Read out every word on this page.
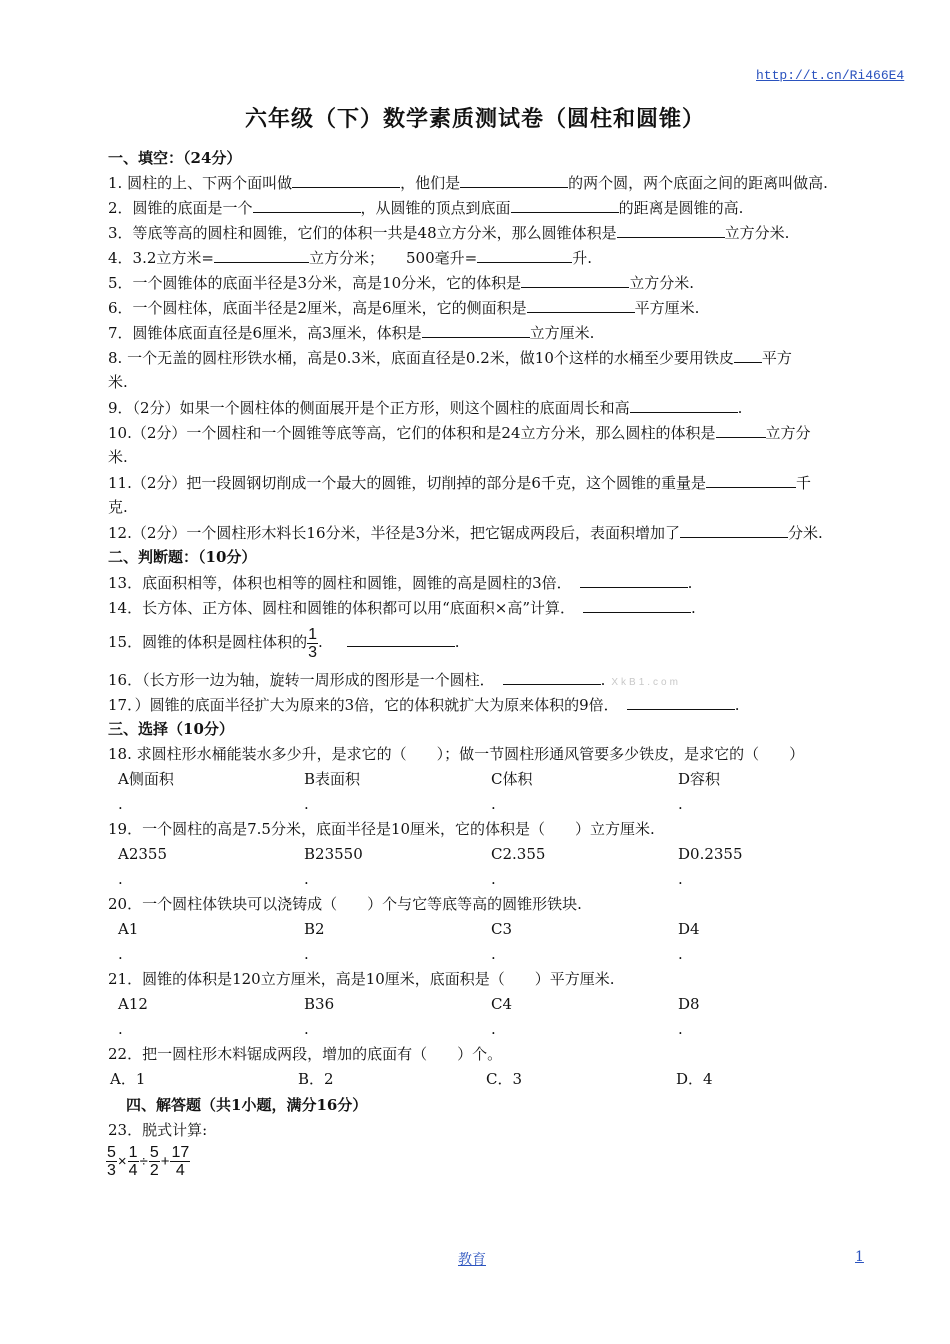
http://t.cn/Ri466E4
六年级（下）数学素质测试卷（圆柱和圆锥）
一、填空：（24分）
1. 圆柱的上、下两个面叫做	，他们是	的两个圆，两个底面之间的距离叫做高.
2．圆锥的底面是一个	，从圆锥的顶点到底面	的距离是圆锥的高.
3．等底等高的圆柱和圆锥，它们的体积一共是48立方分米，那么圆锥体积是	立方分米.
4．3.2立方米=	立方分米； 500毫升=	升.
5．一个圆锥体的底面半径是3分米，高是10分米，它的体积是	立方分米.
6．一个圆柱体，底面半径是2厘米，高是6厘米，它的侧面积是	平方厘米.
7．圆锥体底面直径是6厘米，高3厘米，体积是	立方厘米.
8. 一个无盖的圆柱形铁水桶，高是0.3米，底面直径是0.2米，做10个这样的水桶至少要用铁皮 平方
米.
9．（2分）如果一个圆柱体的侧面展开是个正方形，则这个圆柱的底面周长和高	.
10.（2分）一个圆柱和一个圆锥等底等高，它们的体积和是24立方分米，那么圆柱的体积是	立方分
米.
11.（2分）把一段圆钢切削成一个最大的圆锥，切削掉的部分是6千克，这个圆锥的重量是	千
克.
12.（2分）一个圆柱形木料长16分米，半径是3分米，把它锯成两段后，表面积增加了	分米.
二、判断题：（10分）
13．底面积相等，体积也相等的圆柱和圆锥，圆锥的高是圆柱的3倍．	.
14．长方体、正方体、圆柱和圆锥的体积都可以用“底面积×高”计算．	.
15．圆锥的体积是圆柱体积的 $\frac{1}{3}$ .	.
16．（长方形一边为轴，旋转一周形成的图形是一个圆柱．	. XkB1.com
17．）圆锥的底面半径扩大为原来的3倍，它的体积就扩大为原来体积的9倍．	.
三、选择（10分）
18. 求圆柱形水桶能装水多少升，是求它的（　　）；做一节圆柱形通风管要多少铁皮，是求它的（　　）
A侧面积	B表面积	C体积	D容积
.	.	.	.
19．一个圆柱的高是7.5分米，底面半径是10厘米，它的体积是（　　）立方厘米.
A2355	B23550	C2.355	D0.2355
.	.	.	.
20．一个圆柱体铁块可以浇铸成（　　）个与它等底等高的圆锥形铁块.
A1	B2	C3	D4
.	.	.	.
21．圆锥的体积是120立方厘米，高是10厘米，底面积是（　　）平方厘米.
A12	B36	C4	D8
.	.	.	.
22．把一圆柱形木料锯成两段，增加的底面有（　　）个。
A．1	B．2	C．3	D．4
四、解答题（共1小题，满分16分）
23．脱式计算:
$\frac{5}{3} \times \frac{1}{4} \div \frac{5}{2} + \frac{17}{4}$
教育	1
